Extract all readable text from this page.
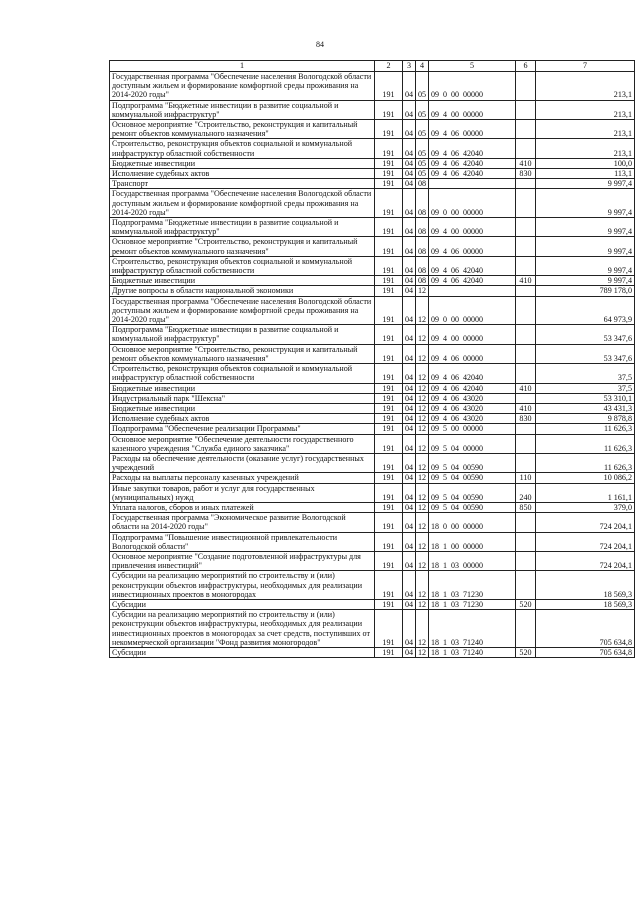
84
1	2	3	4	5	6	7
Государственная программа "Обеспечение населения Вологодской области доступным жильем и формирование комфортной среды проживания на 2014-2020 годы"	191	04	05	09  0  00  00000		213,1
Подпрограмма "Бюджетные инвестиции в развитие социальной и коммунальной инфраструктур"	191	04	05	09  4  00  00000		213,1
Основное мероприятие "Строительство, реконструкция и капитальный ремонт объектов коммунального назначения"	191	04	05	09  4  06  00000		213,1
Строительство, реконструкция объектов социальной и коммунальной инфраструктур областной собственности	191	04	05	09  4  06  42040		213,1
Бюджетные инвестиции	191	04	05	09  4  06  42040	410	100,0
Исполнение судебных актов	191	04	05	09  4  06  42040	830	113,1
Транспорт	191	04	08			9 997,4
Государственная программа "Обеспечение населения Вологодской области доступным жильем и формирование комфортной среды проживания на 2014-2020 годы"	191	04	08	09  0  00  00000		9 997,4
Подпрограмма "Бюджетные инвестиции в развитие социальной и коммунальной инфраструктур"	191	04	08	09  4  00  00000		9 997,4
Основное мероприятие "Строительство, реконструкция и капитальный ремонт объектов коммунального назначения"	191	04	08	09  4  06  00000		9 997,4
Строительство, реконструкция объектов социальной и коммунальной инфраструктур областной собственности	191	04	08	09  4  06  42040		9 997,4
Бюджетные инвестиции	191	04	08	09  4  06  42040	410	9 997,4
Другие вопросы в области национальной экономики	191	04	12			789 178,0
Государственная программа "Обеспечение населения Вологодской области доступным жильем и формирование комфортной среды проживания на 2014-2020 годы"	191	04	12	09  0  00  00000		64 973,9
Подпрограмма "Бюджетные инвестиции в развитие социальной и коммунальной инфраструктур"	191	04	12	09  4  00  00000		53 347,6
Основное мероприятие "Строительство, реконструкция и капитальный ремонт объектов коммунального назначения"	191	04	12	09  4  06  00000		53 347,6
Строительство, реконструкция объектов социальной и коммунальной инфраструктур областной собственности	191	04	12	09  4  06  42040		37,5
Бюджетные инвестиции	191	04	12	09  4  06  42040	410	37,5
Индустриальный парк "Шексна"	191	04	12	09  4  06  43020		53 310,1
Бюджетные инвестиции	191	04	12	09  4  06  43020	410	43 431,3
Исполнение судебных актов	191	04	12	09  4  06  43020	830	9 878,8
Подпрограмма "Обеспечение реализации Программы"	191	04	12	09  5  00  00000		11 626,3
Основное мероприятие "Обеспечение деятельности государственного казенного учреждения "Служба единого заказчика"	191	04	12	09  5  04  00000		11 626,3
Расходы на обеспечение деятельности (оказание услуг) государственных учреждений	191	04	12	09  5  04  00590		11 626,3
Расходы на выплаты персоналу казенных учреждений	191	04	12	09  5  04  00590	110	10 086,2
Иные закупки товаров, работ и услуг для государственных (муниципальных) нужд	191	04	12	09  5  04  00590	240	1 161,1
Уплата налогов, сборов и иных платежей	191	04	12	09  5  04  00590	850	379,0
Государственная программа "Экономическое развитие Вологодской области на 2014-2020 годы"	191	04	12	18  0  00  00000		724 204,1
Подпрограмма "Повышение инвестиционной привлекательности Вологодской области"	191	04	12	18  1  00  00000		724 204,1
Основное мероприятие "Создание подготовленной инфраструктуры для привлечения инвестиций"	191	04	12	18  1  03  00000		724 204,1
Субсидии на реализацию мероприятий по строительству и (или) реконструкции объектов инфраструктуры, необходимых для реализации инвестиционных проектов в моногородах	191	04	12	18  1  03  71230		18 569,3
Субсидии	191	04	12	18  1  03  71230	520	18 569,3
Субсидии на реализацию мероприятий по строительству и (или) реконструкции объектов инфраструктуры, необходимых для реализации инвестиционных проектов в моногородах за счет средств, поступивших от некоммерческой организации "Фонд развития моногородов"	191	04	12	18  1  03  71240		705 634,8
Субсидии	191	04	12	18  1  03  71240	520	705 634,8
